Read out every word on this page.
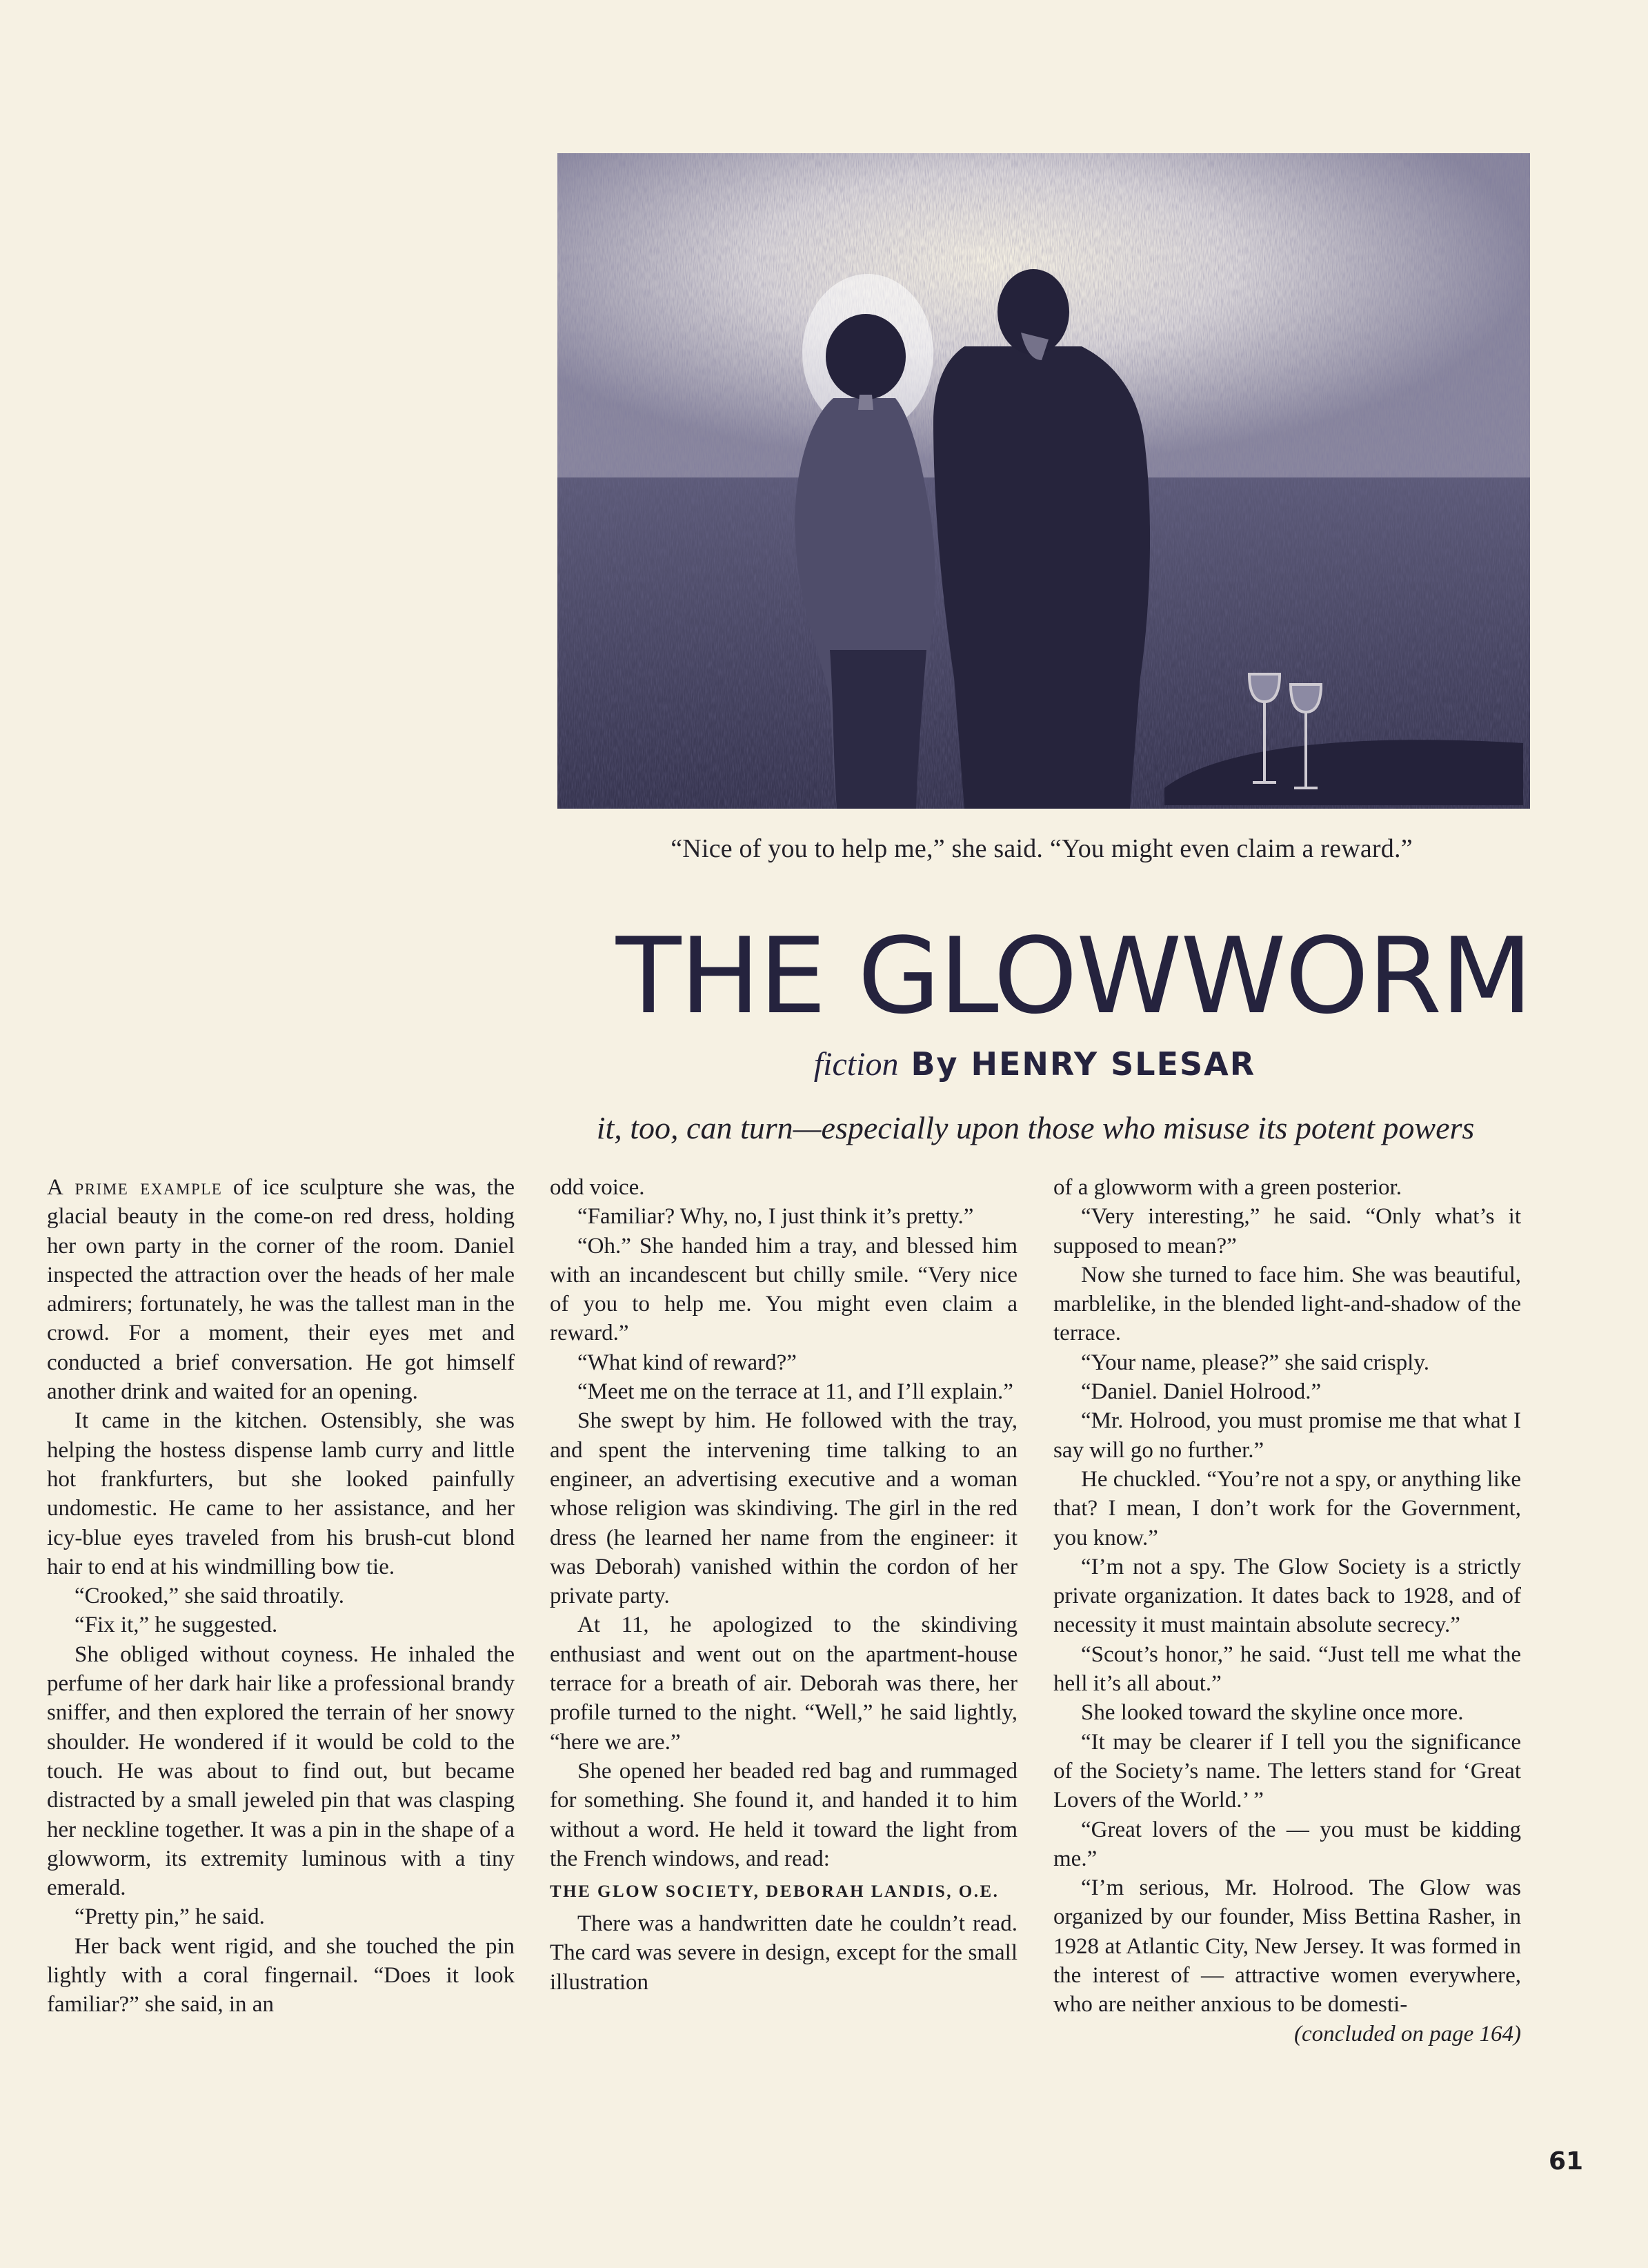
“Nice of you to help me,” she said. “You might even claim a reward.”
THE GLOWWORM
fiction By HENRY SLESAR
it, too, can turn—especially upon those who misuse its potent powers

A prime example of ice sculpture she was, the glacial beauty in the come-on red dress, holding her own party in the corner of the room. Daniel inspected the attraction over the heads of her male admirers; fortunately, he was the tallest man in the crowd. For a moment, their eyes met and conducted a brief conversation. He got himself another drink and waited for an opening.

It came in the kitchen. Ostensibly, she was helping the hostess dispense lamb curry and little hot frankfurters, but she looked painfully undomestic. He came to her assistance, and her icy-blue eyes traveled from his brush-cut blond hair to end at his windmilling bow tie.

“Crooked,” she said throatily.

“Fix it,” he suggested.

She obliged without coyness. He inhaled the perfume of her dark hair like a professional brandy sniffer, and then explored the terrain of her snowy shoulder. He wondered if it would be cold to the touch. He was about to find out, but became distracted by a small jeweled pin that was clasping her neckline together. It was a pin in the shape of a glowworm, its extremity luminous with a tiny emerald.

“Pretty pin,” he said.

Her back went rigid, and she touched the pin lightly with a coral fingernail. “Does it look familiar?” she said, in an

odd voice.

“Familiar? Why, no, I just think it’s pretty.”

“Oh.” She handed him a tray, and blessed him with an incandescent but chilly smile. “Very nice of you to help me. You might even claim a reward.”

“What kind of reward?”

“Meet me on the terrace at 11, and I’ll explain.”

She swept by him. He followed with the tray, and spent the intervening time talking to an engineer, an advertising executive and a woman whose religion was skindiving. The girl in the red dress (he learned her name from the engineer: it was Deborah) vanished within the cordon of her private party.

At 11, he apologized to the skindiving enthusiast and went out on the apartment-house terrace for a breath of air. Deborah was there, her profile turned to the night. “Well,” he said lightly, “here we are.”

She opened her beaded red bag and rummaged for something. She found it, and handed it to him without a word. He held it toward the light from the French windows, and read:

THE GLOW SOCIETY, DEBORAH LANDIS, O.E.

There was a handwritten date he couldn’t read. The card was severe in design, except for the small illustration

of a glowworm with a green posterior.

“Very interesting,” he said. “Only what’s it supposed to mean?”

Now she turned to face him. She was beautiful, marblelike, in the blended light-and-shadow of the terrace.

“Your name, please?” she said crisply.

“Daniel. Daniel Holrood.”

“Mr. Holrood, you must promise me that what I say will go no further.”

He chuckled. “You’re not a spy, or anything like that? I mean, I don’t work for the Government, you know.”

“I’m not a spy. The Glow Society is a strictly private organization. It dates back to 1928, and of necessity it must maintain absolute secrecy.”

“Scout’s honor,” he said. “Just tell me what the hell it’s all about.”

She looked toward the skyline once more.

“It may be clearer if I tell you the significance of the Society’s name. The letters stand for ‘Great Lovers of the World.’ ”

“Great lovers of the — you must be kidding me.”

“I’m serious, Mr. Holrood. The Glow was organized by our founder, Miss Bettina Rasher, in 1928 at Atlantic City, New Jersey. It was formed in the interest of — attractive women everywhere, who are neither anxious to be domesti-

(concluded on page 164)

61
